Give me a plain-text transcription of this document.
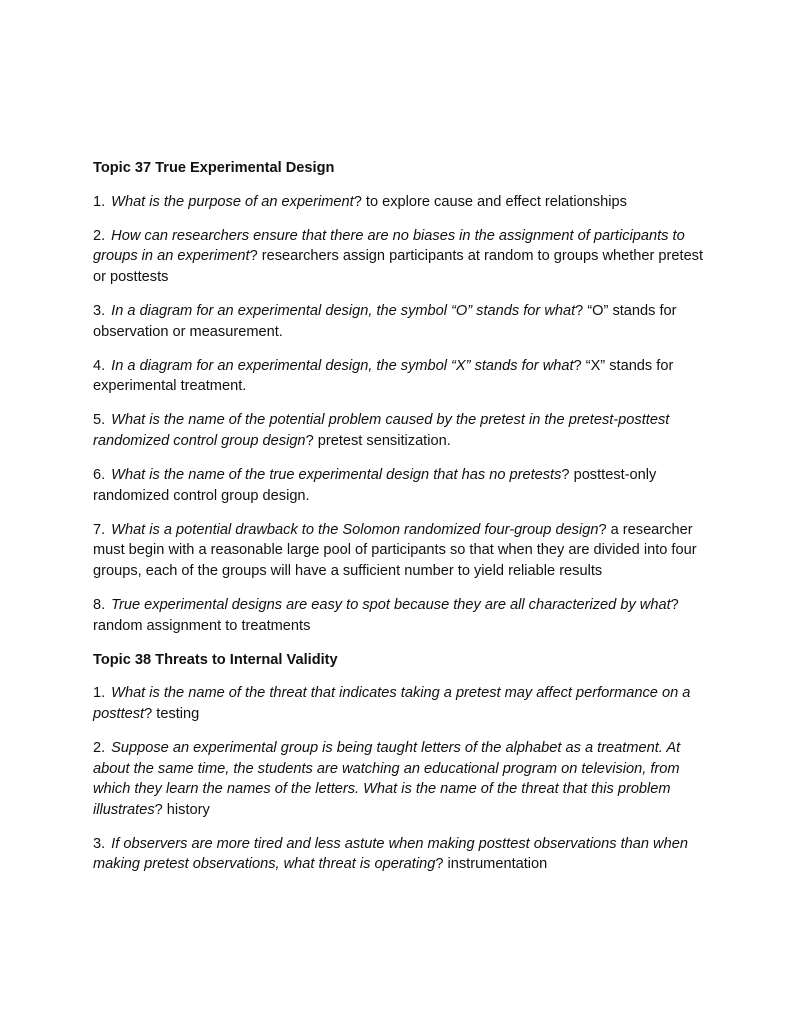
Topic 37 True Experimental Design

1. What is the purpose of an experiment? to explore cause and effect relationships

2. How can researchers ensure that there are no biases in the assignment of participants to groups in an experiment? researchers assign participants at random to groups whether pretest or posttests

3. In a diagram for an experimental design, the symbol “O” stands for what? “O” stands for observation or measurement.

4. In a diagram for an experimental design, the symbol “X” stands for what? “X” stands for experimental treatment.

5. What is the name of the potential problem caused by the pretest in the pretest-posttest randomized control group design? pretest sensitization.

6. What is the name of the true experimental design that has no pretests? posttest-only randomized control group design.

7. What is a potential drawback to the Solomon randomized four-group design? a researcher must begin with a reasonable large pool of participants so that when they are divided into four groups, each of the groups will have a sufficient number to yield reliable results

8. True experimental designs are easy to spot because they are all characterized by what? random assignment to treatments

Topic 38 Threats to Internal Validity

1. What is the name of the threat that indicates taking a pretest may affect performance on a posttest? testing

2. Suppose an experimental group is being taught letters of the alphabet as a treatment. At about the same time, the students are watching an educational program on television, from which they learn the names of the letters. What is the name of the threat that this problem illustrates? history

3. If observers are more tired and less astute when making posttest observations than when making pretest observations, what threat is operating? instrumentation
